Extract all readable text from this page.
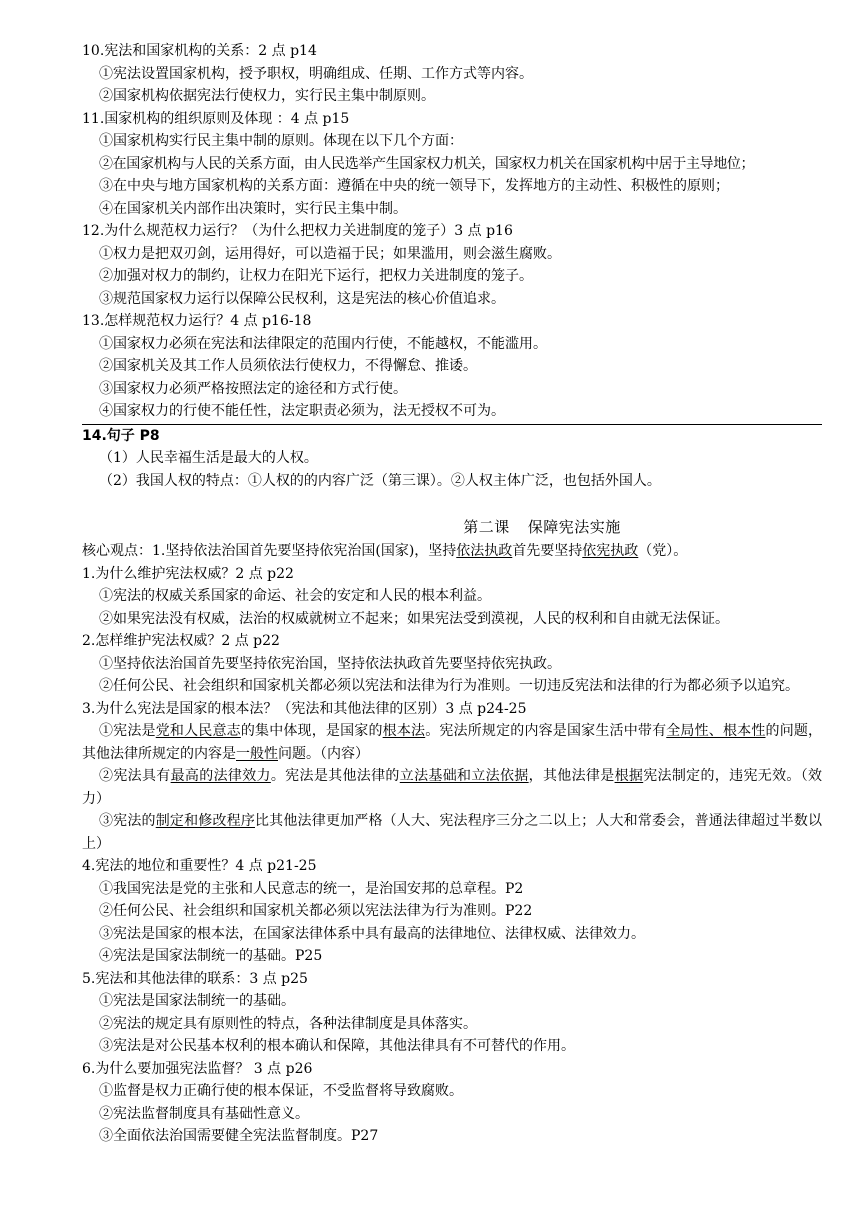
10.宪法和国家机构的关系：2 点 p14
①宪法设置国家机构，授予职权，明确组成、任期、工作方式等内容。
②国家机构依据宪法行使权力，实行民主集中制原则。
11.国家机构的组织原则及体现 ：4 点 p15
①国家机构实行民主集中制的原则。体现在以下几个方面：
②在国家机构与人民的关系方面，由人民选举产生国家权力机关，国家权力机关在国家机构中居于主导地位；
③在中央与地方国家机构的关系方面：遵循在中央的统一领导下，发挥地方的主动性、积极性的原则；
④在国家机关内部作出决策时，实行民主集中制。
12.为什么规范权力运行？（为什么把权力关进制度的笼子）3 点 p16
①权力是把双刃剑，运用得好，可以造福于民；如果滥用，则会滋生腐败。
②加强对权力的制约，让权力在阳光下运行，把权力关进制度的笼子。
③规范国家权力运行以保障公民权利，这是宪法的核心价值追求。
13.怎样规范权力运行？4 点 p16-18
①国家权力必须在宪法和法律限定的范围内行使，不能越权，不能滥用。
②国家机关及其工作人员须依法行使权力，不得懈怠、推诿。
③国家权力必须严格按照法定的途径和方式行使。
④国家权力的行使不能任性，法定职责必须为，法无授权不可为。
14.句子 P8
（1）人民幸福生活是最大的人权。
（2）我国人权的特点：①人权的的内容广泛（第三课）。②人权主体广泛，也包括外国人。
第二课 保障宪法实施
核心观点：1.坚持依法治国首先要坚持依宪治国(国家)，坚持依法执政首先要坚持依宪执政（党）。
1.为什么维护宪法权威？2 点 p22
①宪法的权威关系国家的命运、社会的安定和人民的根本利益。
②如果宪法没有权威，法治的权威就树立不起来；如果宪法受到漠视，人民的权利和自由就无法保证。
2.怎样维护宪法权威？2 点 p22
①坚持依法治国首先要坚持依宪治国，坚持依法执政首先要坚持依宪执政。
②任何公民、社会组织和国家机关都必须以宪法和法律为行为准则。一切违反宪法和法律的行为都必须予以追究。
3.为什么宪法是国家的根本法？（宪法和其他法律的区别）3 点 p24-25
①宪法是党和人民意志的集中体现，是国家的根本法。宪法所规定的内容是国家生活中带有全局性、根本性的问题，其他法律所规定的内容是一般性问题。（内容）
②宪法具有最高的法律效力。宪法是其他法律的立法基础和立法依据，其他法律是根据宪法制定的，违宪无效。（效力）
③宪法的制定和修改程序比其他法律更加严格（人大、宪法程序三分之二以上；人大和常委会，普通法律超过半数以上）
4.宪法的地位和重要性？4 点 p21-25
①我国宪法是党的主张和人民意志的统一，是治国安邦的总章程。P2
②任何公民、社会组织和国家机关都必须以宪法法律为行为准则。P22
③宪法是国家的根本法，在国家法律体系中具有最高的法律地位、法律权威、法律效力。
④宪法是国家法制统一的基础。P25
5.宪法和其他法律的联系：3 点 p25
①宪法是国家法制统一的基础。
②宪法的规定具有原则性的特点，各种法律制度是具体落实。
③宪法是对公民基本权利的根本确认和保障，其他法律具有不可替代的作用。
6.为什么要加强宪法监督？ 3 点 p26
①监督是权力正确行使的根本保证，不受监督将导致腐败。
②宪法监督制度具有基础性意义。
③全面依法治国需要健全宪法监督制度。P27
